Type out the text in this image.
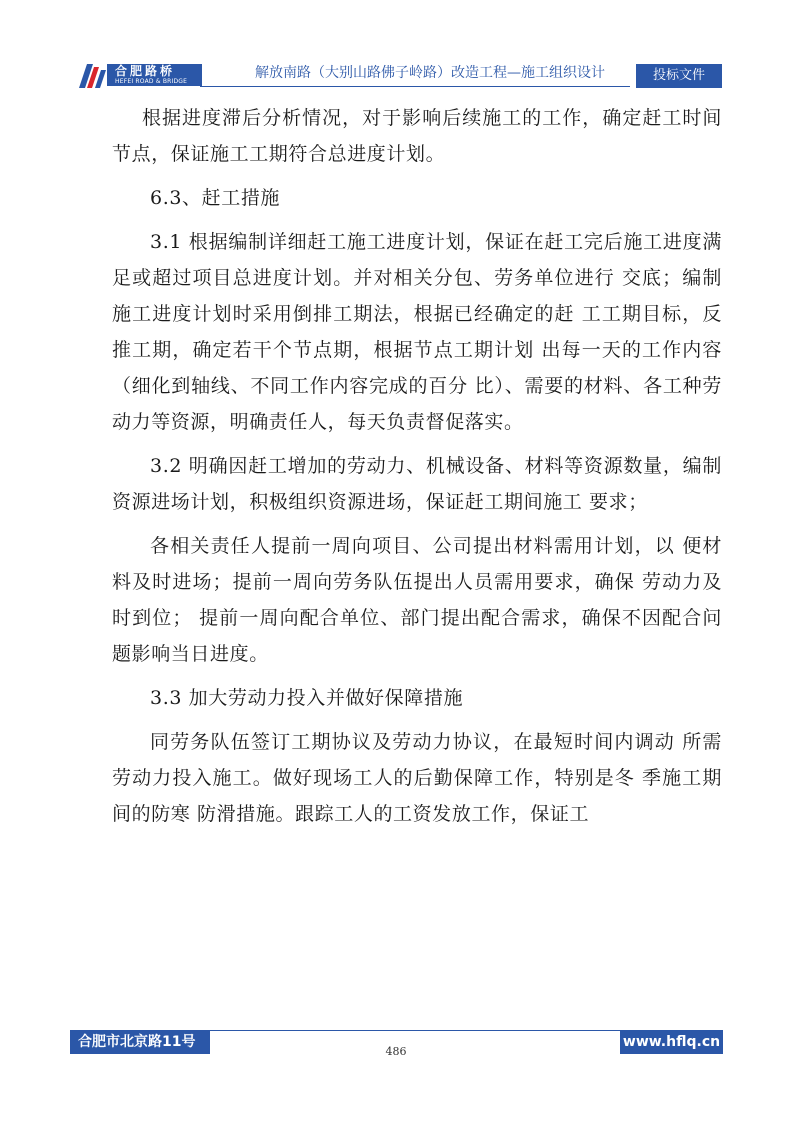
合肥路桥
HEFEI ROAD & BRIDGE
解放南路（大别山路佛子岭路）改造工程—施工组织设计	投标文件

根据进度滞后分析情况，对于影响后续施工的工作，确定赶工时间节点，保证施工工期符合总进度计划。

6.3、赶工措施

3.1 根据编制详细赶工施工进度计划，保证在赶工完后施工进度满足或超过项目总进度计划。并对相关分包、劳务单位进行 交底；编制施工进度计划时采用倒排工期法，根据已经确定的赶 工工期目标，反推工期，确定若干个节点期，根据节点工期计划 出每一天的工作内容（细化到轴线、不同工作内容完成的百分 比）、需要的材料、各工种劳动力等资源，明确责任人，每天负责督促落实。

3.2 明确因赶工增加的劳动力、机械设备、材料等资源数量，编制资源进场计划，积极组织资源进场，保证赶工期间施工 要求；

各相关责任人提前一周向项目、公司提出材料需用计划，以 便材料及时进场；提前一周向劳务队伍提出人员需用要求，确保 劳动力及时到位； 提前一周向配合单位、部门提出配合需求，确保不因配合问题影响当日进度。

3.3 加大劳动力投入并做好保障措施

同劳务队伍签订工期协议及劳动力协议，在最短时间内调动 所需劳动力投入施工。做好现场工人的后勤保障工作，特别是冬 季施工期间的防寒 防滑措施。跟踪工人的工资发放工作，保证工

合肥市北京路11号	www.hflq.cn
486
